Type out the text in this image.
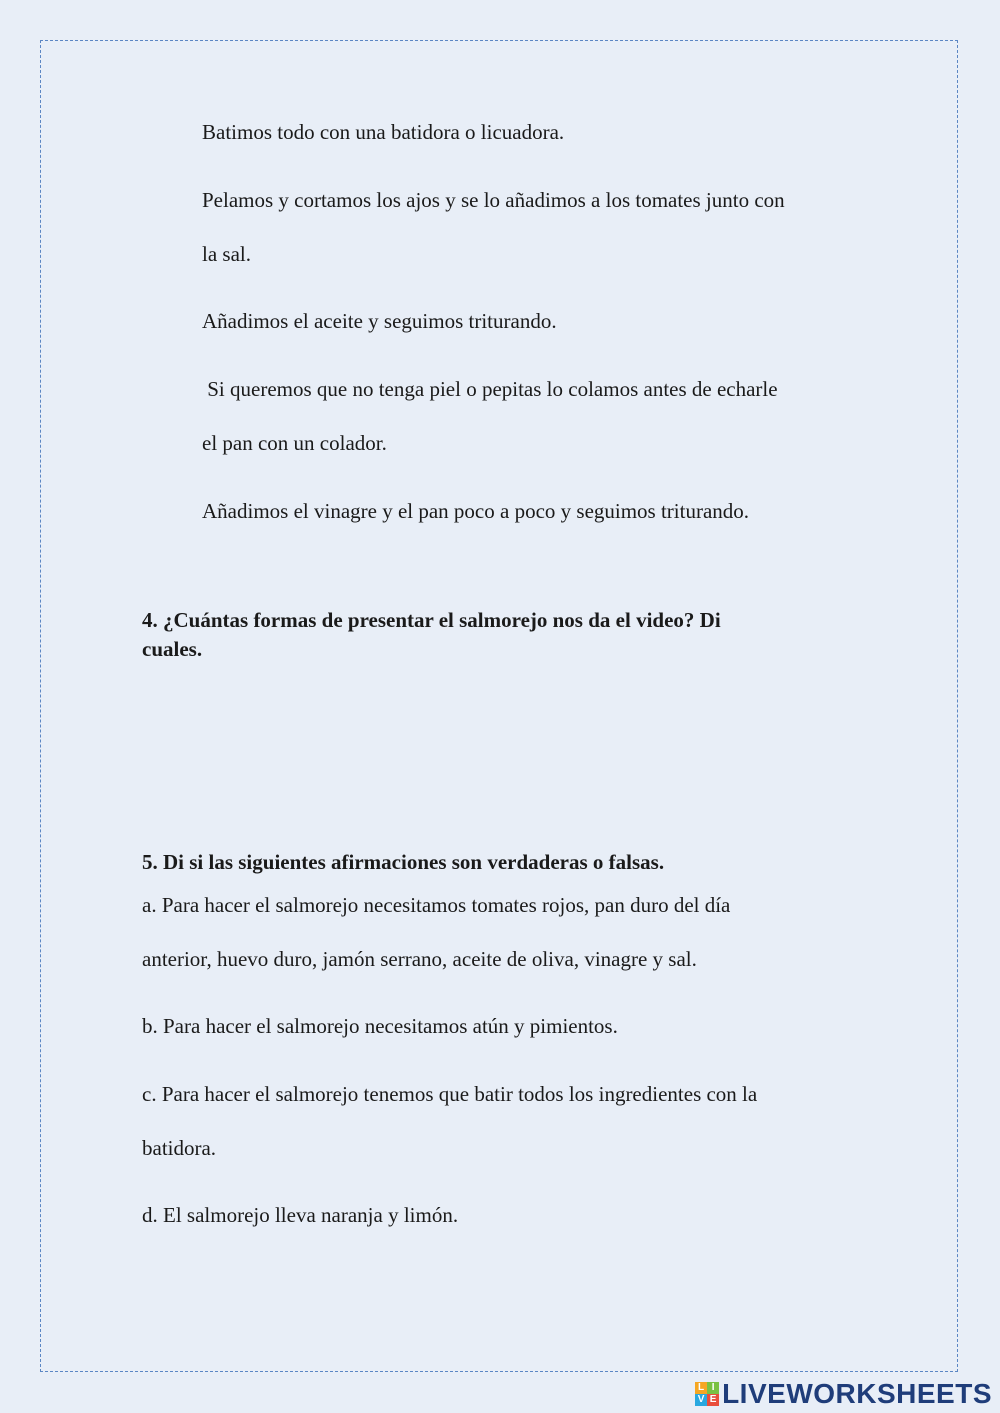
Batimos todo con una batidora o licuadora.
Pelamos y cortamos los ajos y se lo añadimos a los tomates junto con
la sal.
Añadimos el aceite y seguimos triturando.
Si queremos que no tenga piel o pepitas lo colamos antes de echarle
el pan con un colador.
Añadimos el vinagre y el pan poco a poco y seguimos triturando.
4. ¿Cuántas formas de presentar el salmorejo nos da el video? Di
cuales.
5. Di si las siguientes afirmaciones son verdaderas o falsas.
a. Para hacer el salmorejo necesitamos tomates rojos, pan duro del día
anterior, huevo duro, jamón serrano, aceite de oliva, vinagre y sal.
b. Para hacer el salmorejo necesitamos atún y pimientos.
c. Para hacer el salmorejo tenemos que batir todos los ingredientes con la
batidora.
d. El salmorejo lleva naranja y limón.
L I
V E LIVEWORKSHEETS
